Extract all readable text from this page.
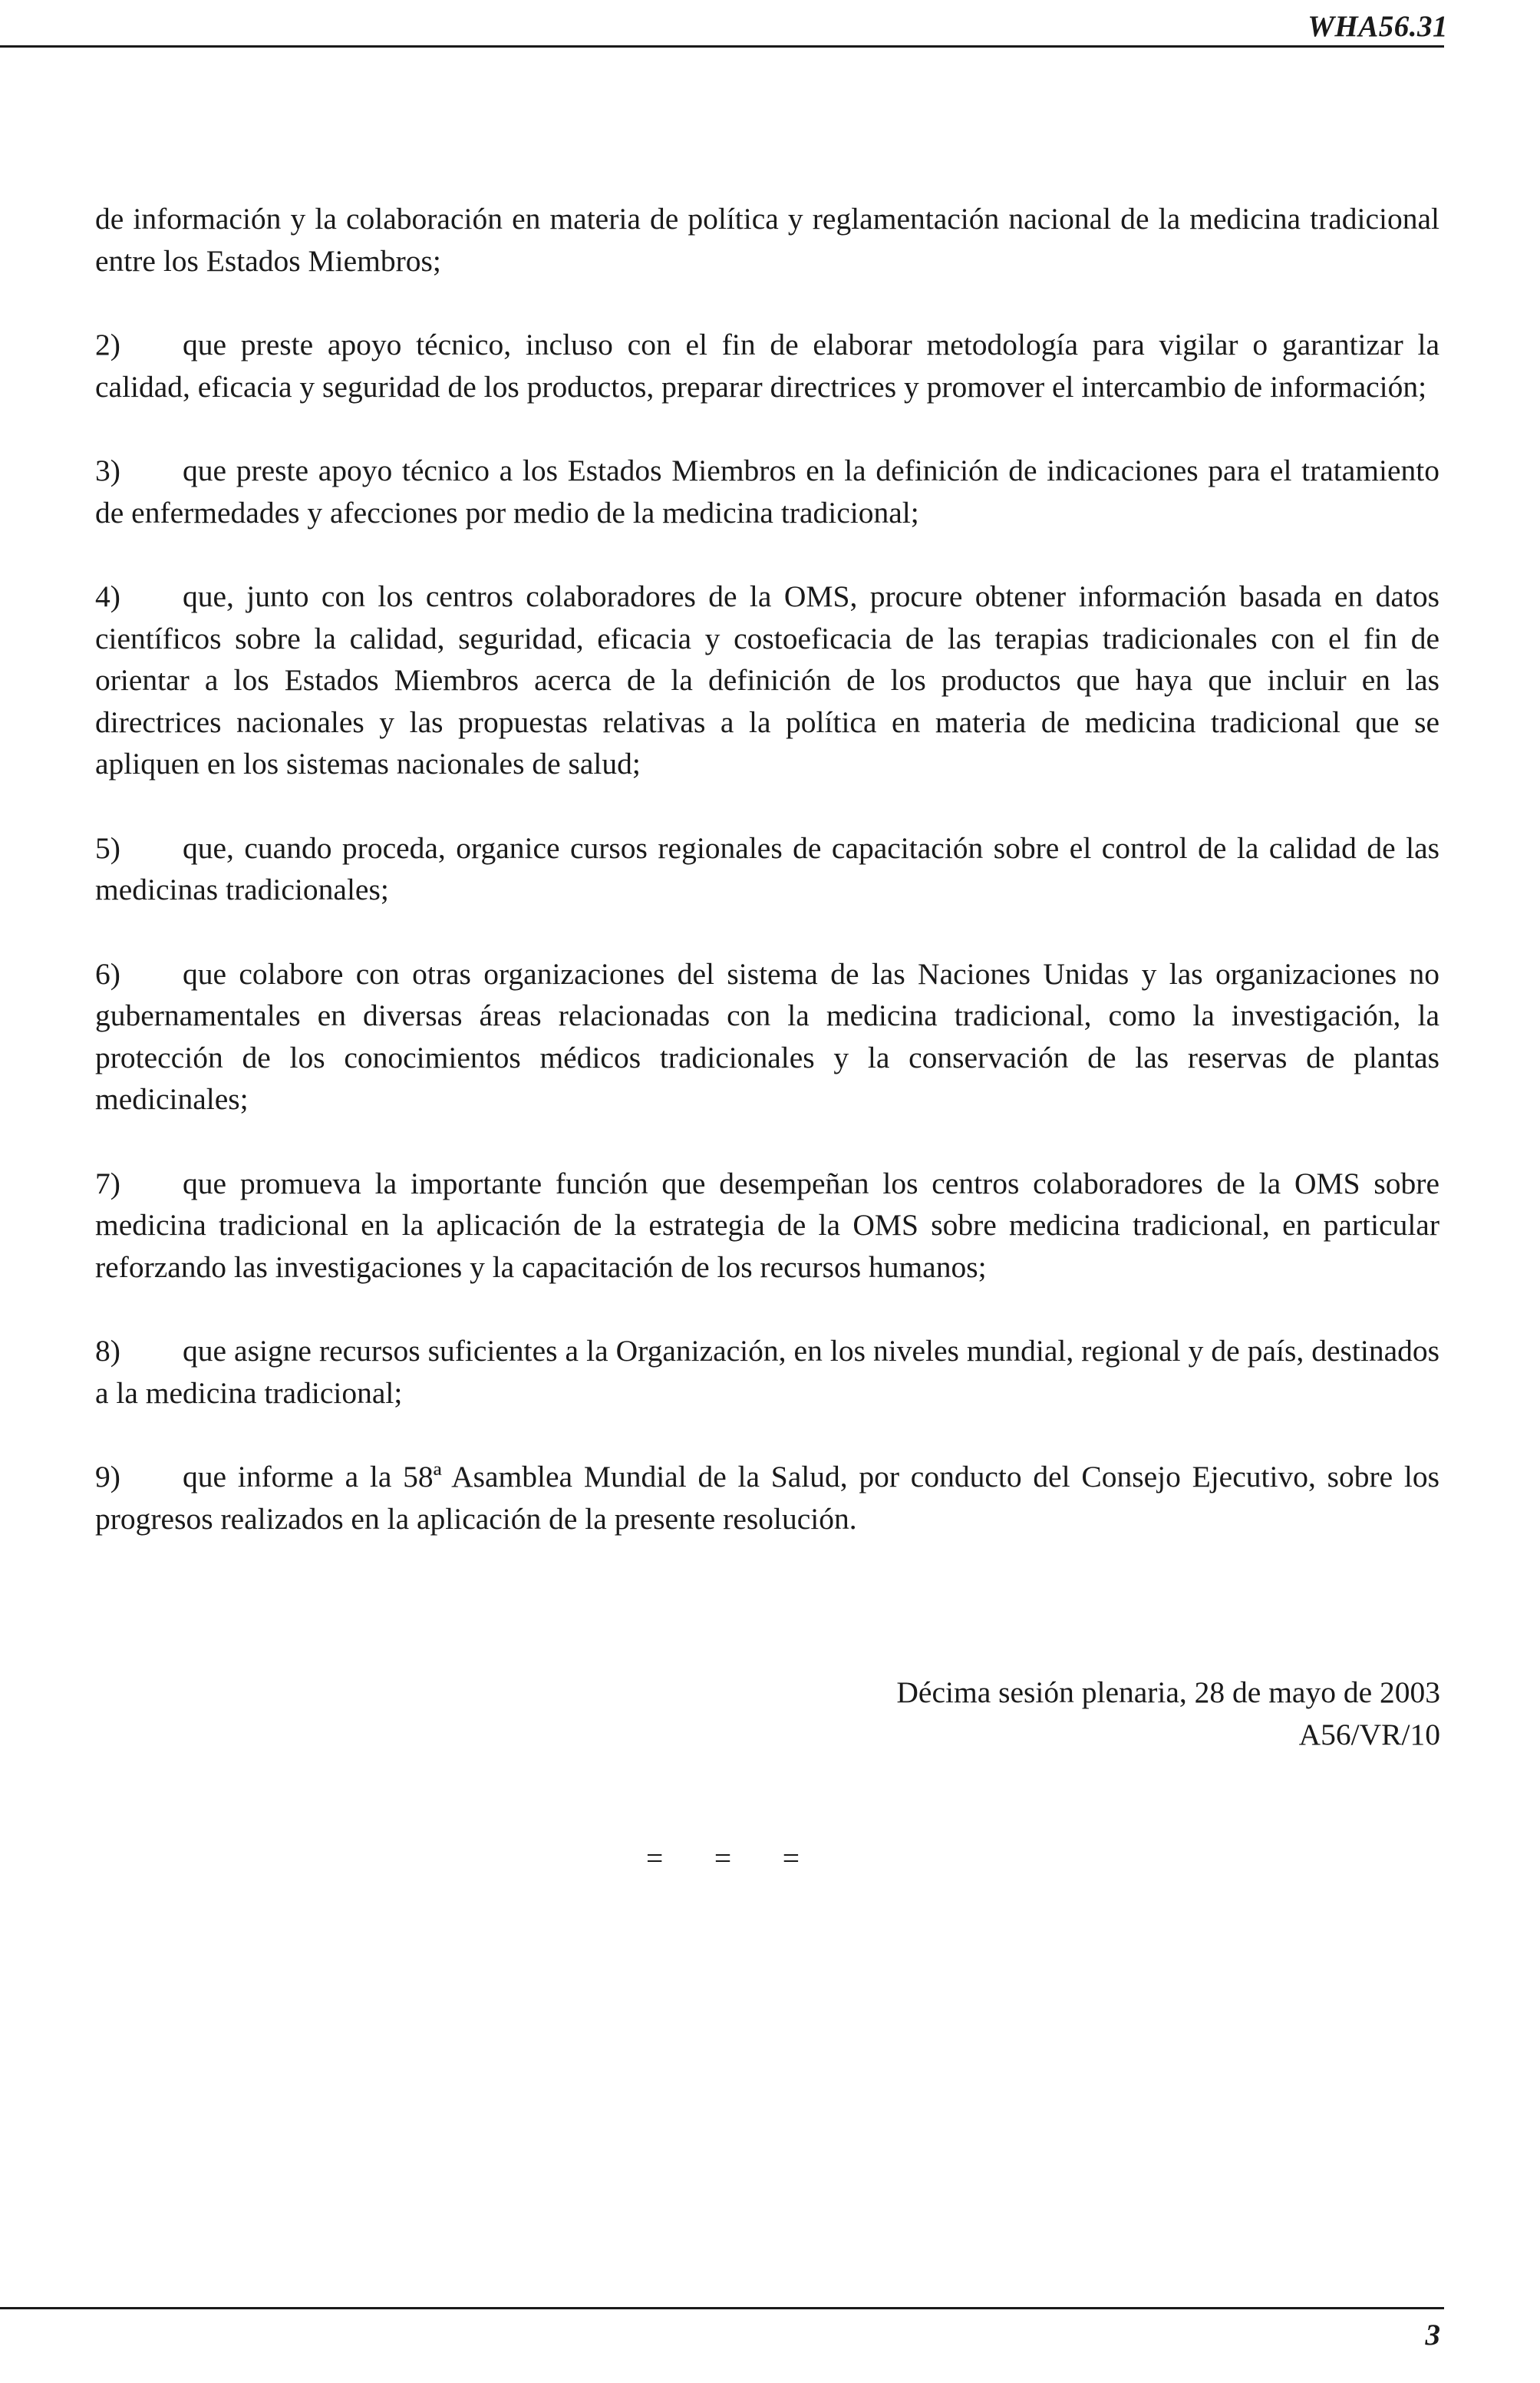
WHA56.31

de información y la colaboración en materia de política y reglamentación nacional de la medicina tradicional entre los Estados Miembros;

2) que preste apoyo técnico, incluso con el fin de elaborar metodología para vigilar o garantizar la calidad, eficacia y seguridad de los productos, preparar directrices y promover el intercambio de información;

3) que preste apoyo técnico a los Estados Miembros en la definición de indicaciones para el tratamiento de enfermedades y afecciones por medio de la medicina tradicional;

4) que, junto con los centros colaboradores de la OMS, procure obtener información basada en datos científicos sobre la calidad, seguridad, eficacia y costoeficacia de las terapias tradicionales con el fin de orientar a los Estados Miembros acerca de la definición de los productos que haya que incluir en las directrices nacionales y las propuestas relativas a la política en materia de medicina tradicional que se apliquen en los sistemas nacionales de salud;

5) que, cuando proceda, organice cursos regionales de capacitación sobre el control de la calidad de las medicinas tradicionales;

6) que colabore con otras organizaciones del sistema de las Naciones Unidas y las organizaciones no gubernamentales en diversas áreas relacionadas con la medicina tradicional, como la investigación, la protección de los conocimientos médicos tradicionales y la conservación de las reservas de plantas medicinales;

7) que promueva la importante función que desempeñan los centros colaboradores de la OMS sobre medicina tradicional en la aplicación de la estrategia de la OMS sobre medicina tradicional, en particular reforzando las investigaciones y la capacitación de los recursos humanos;

8) que asigne recursos suficientes a la Organización, en los niveles mundial, regional y de país, destinados a la medicina tradicional;

9) que informe a la 58ª Asamblea Mundial de la Salud, por conducto del Consejo Ejecutivo, sobre los progresos realizados en la aplicación de la presente resolución.

Décima sesión plenaria, 28 de mayo de 2003
A56/VR/10
= = =
3
